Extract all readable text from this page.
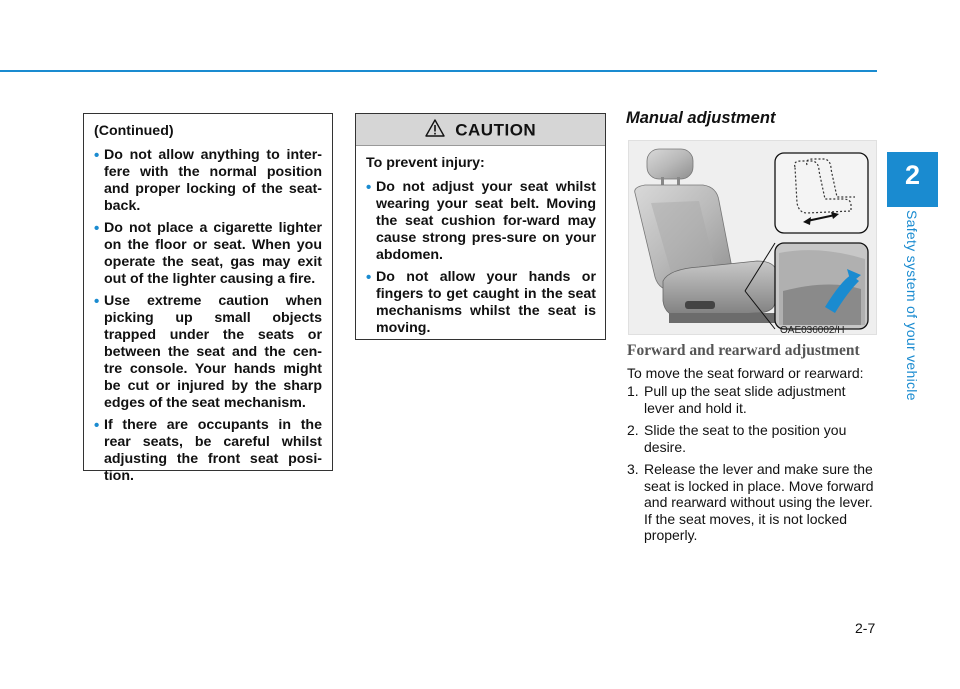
2
Safety system of your vehicle
(Continued)
• Do not allow anything to inter-fere with the normal position and proper locking of the seat-back.
• Do not place a cigarette lighter on the floor or seat. When you operate the seat, gas may exit out of the lighter causing a fire.
• Use extreme caution when picking up small objects trapped under the seats or between the seat and the cen-tre console. Your hands might be cut or injured by the sharp edges of the seat mechanism.
• If there are occupants in the rear seats, be careful whilst adjusting the front seat posi-tion.
CAUTION
To prevent injury:
• Do not adjust your seat whilst wearing your seat belt. Moving the seat cushion for-ward may cause strong pres-sure on your abdomen.
• Do not allow your hands or fingers to get caught in the seat mechanisms whilst the seat is moving.
Manual adjustment
OAE036002/H
Forward and rearward adjustment
To move the seat forward or rearward:
1. Pull up the seat slide adjustment lever and hold it.
2. Slide the seat to the position you desire.
3. Release the lever and make sure the seat is locked in place. Move forward and rearward without using the lever. If the seat moves, it is not locked properly.
2-7
